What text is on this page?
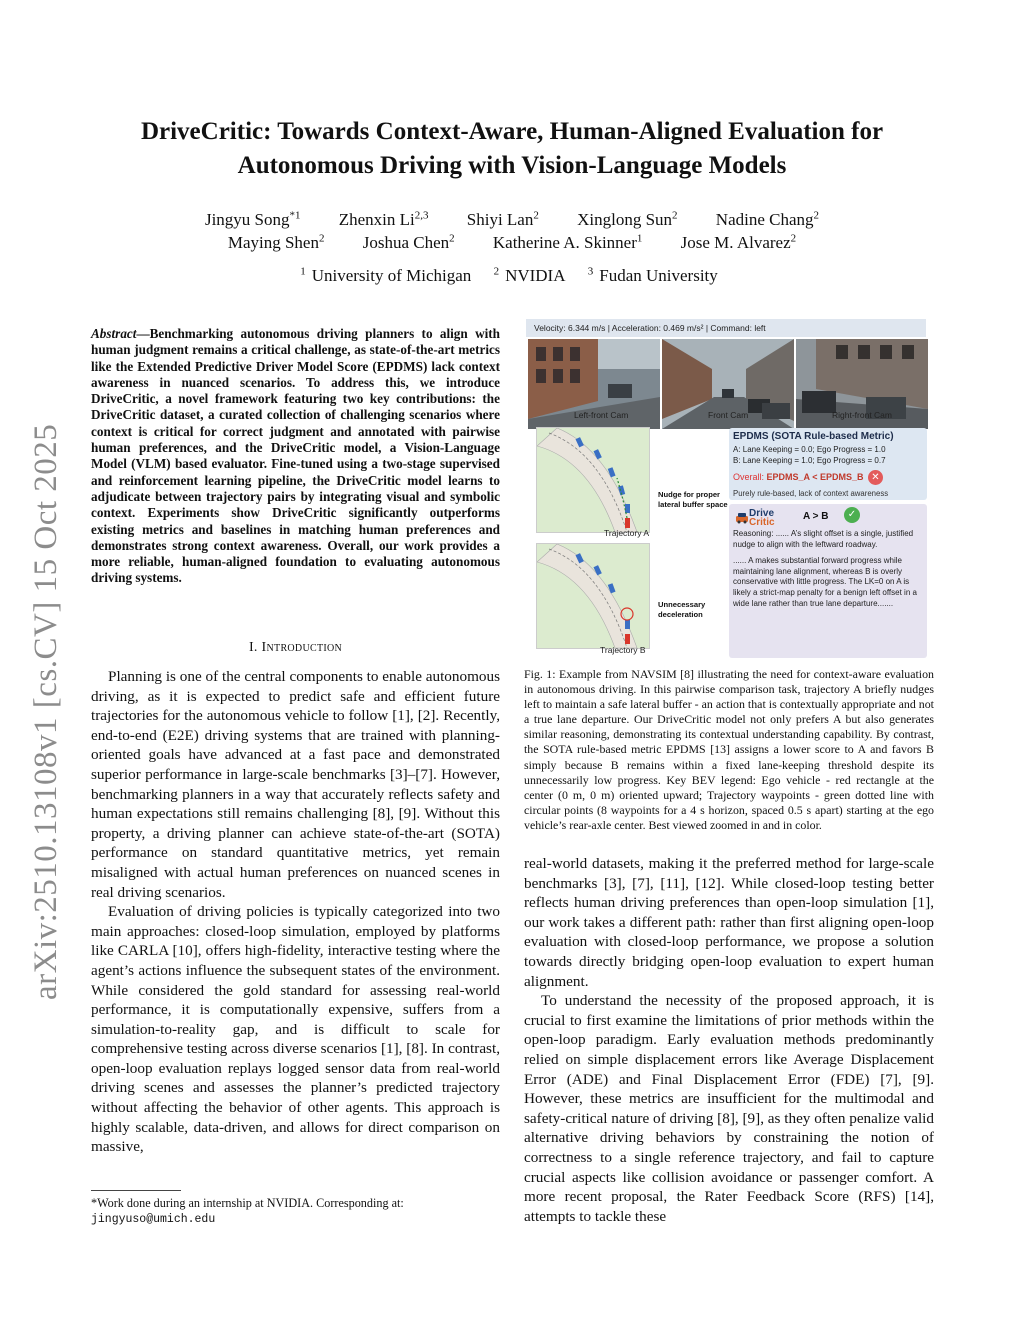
arXiv:2510.13108v1 [cs.CV] 15 Oct 2025
DriveCritic: Towards Context-Aware, Human-Aligned Evaluation for
Autonomous Driving with Vision-Language Models
Jingyu Song$^{*1}$ Zhenxin Li$^{2,3}$ Shiyi Lan$^2$ Xinglong Sun$^2$ Nadine Chang$^2$
Maying Shen$^2$ Joshua Chen$^2$ Katherine A. Skinner$^1$ Jose M. Alvarez$^2$
$^1$ University of Michigan $^2$ NVIDIA $^3$ Fudan University
Abstract—Benchmarking autonomous driving planners to align with human judgment remains a critical challenge, as state-of-the-art metrics like the Extended Predictive Driver Model Score (EPDMS) lack context awareness in nuanced scenarios. To address this, we introduce DriveCritic, a novel framework featuring two key contributions: the DriveCritic dataset, a curated collection of challenging scenarios where context is critical for correct judgment and annotated with pairwise human preferences, and the DriveCritic model, a Vision-Language Model (VLM) based evaluator. Fine-tuned using a two-stage supervised and reinforcement learning pipeline, the DriveCritic model learns to adjudicate between trajectory pairs by integrating visual and symbolic context. Experiments show DriveCritic significantly outperforms existing metrics and baselines in matching human preferences and demonstrates strong context awareness. Overall, our work provides a more reliable, human-aligned foundation to evaluating autonomous driving systems.
I. Introduction

Planning is one of the central components to enable autonomous driving, as it is expected to predict safe and efficient future trajectories for the autonomous vehicle to follow [1], [2]. Recently, end-to-end (E2E) driving systems that are trained with planning-oriented goals have advanced at a fast pace and demonstrated superior performance in large-scale benchmarks [3]–[7]. However, benchmarking planners in a way that accurately reflects safety and human expectations still remains challenging [8], [9]. Without this property, a driving planner can achieve state-of-the-art (SOTA) performance on standard quantitative metrics, yet remain misaligned with actual human preferences on nuanced scenes in real driving scenarios.

Evaluation of driving policies is typically categorized into two main approaches: closed-loop simulation, employed by platforms like CARLA [10], offers high-fidelity, interactive testing where the agent’s actions influence the subsequent states of the environment. While considered the gold standard for assessing real-world performance, it is computationally expensive, suffers from a simulation-to-reality gap, and is difficult to scale for comprehensive testing across diverse scenarios [1], [8]. In contrast, open-loop evaluation replays logged sensor data from real-world driving scenes and assesses the planner’s predicted trajectory without affecting the behavior of other agents. This approach is highly scalable, data-driven, and allows for direct comparison on massive,

*Work done during an internship at NVIDIA. Corresponding at:
jingyuso@umich.edu
Velocity: 6.344 m/s | Acceleration: 0.469 m/s² | Command: left
Left-front Cam	Front Cam	Right-front Cam
Nudge for proper lateral buffer space
Trajectory A
Unnecessary deceleration
Trajectory B
EPDMS (SOTA Rule-based Metric)
A: Lane Keeping = 0.0; Ego Progress = 1.0
B: Lane Keeping = 1.0; Ego Progress = 0.7
Overall: EPDMS_A < EPDMS_B ✕
Purely rule-based, lack of context awareness
Drive
Critic
A > B	✓

Reasoning: ...... A’s slight offset is a single, justified nudge to align with the leftward roadway.

...... A makes substantial forward progress while maintaining lane alignment, whereas B is overly conservative with little progress. The LK=0 on A is likely a strict-map penalty for a benign left offset in a wide lane rather than true lane departure.......

Fig. 1: Example from NAVSIM [8] illustrating the need for context-aware evaluation in autonomous driving. In this pairwise comparison task, trajectory A briefly nudges left to maintain a safe lateral buffer - an action that is contextually appropriate and not a true lane departure. Our DriveCritic model not only prefers A but also generates similar reasoning, demonstrating its contextual understanding capability. By contrast, the SOTA rule-based metric EPDMS [13] assigns a lower score to A and favors B simply because B remains within a fixed lane-keeping threshold despite its unnecessarily low progress. Key BEV legend: Ego vehicle - red rectangle at the center (0 m, 0 m) oriented upward; Trajectory waypoints - green dotted line with circular points (8 waypoints for a 4 s horizon, spaced 0.5 s apart) starting at the ego vehicle’s rear-axle center. Best viewed zoomed in and in color.

real-world datasets, making it the preferred method for large-scale benchmarks [3], [7], [11], [12]. While closed-loop testing better reflects human driving preferences than open-loop simulation [1], our work takes a different path: rather than first aligning open-loop evaluation with closed-loop performance, we propose a solution towards directly bridging open-loop evaluation to expert human alignment.

To understand the necessity of the proposed approach, it is crucial to first examine the limitations of prior methods within the open-loop paradigm. Early evaluation methods predominantly relied on simple displacement errors like Average Displacement Error (ADE) and Final Displacement Error (FDE) [7], [9]. However, these metrics are insufficient for the multimodal and safety-critical nature of driving [8], [9], as they often penalize valid alternative driving behaviors by constraining the notion of correctness to a single reference trajectory, and fail to capture crucial aspects like collision avoidance or passenger comfort. A more recent proposal, the Rater Feedback Score (RFS) [14], attempts to tackle these
